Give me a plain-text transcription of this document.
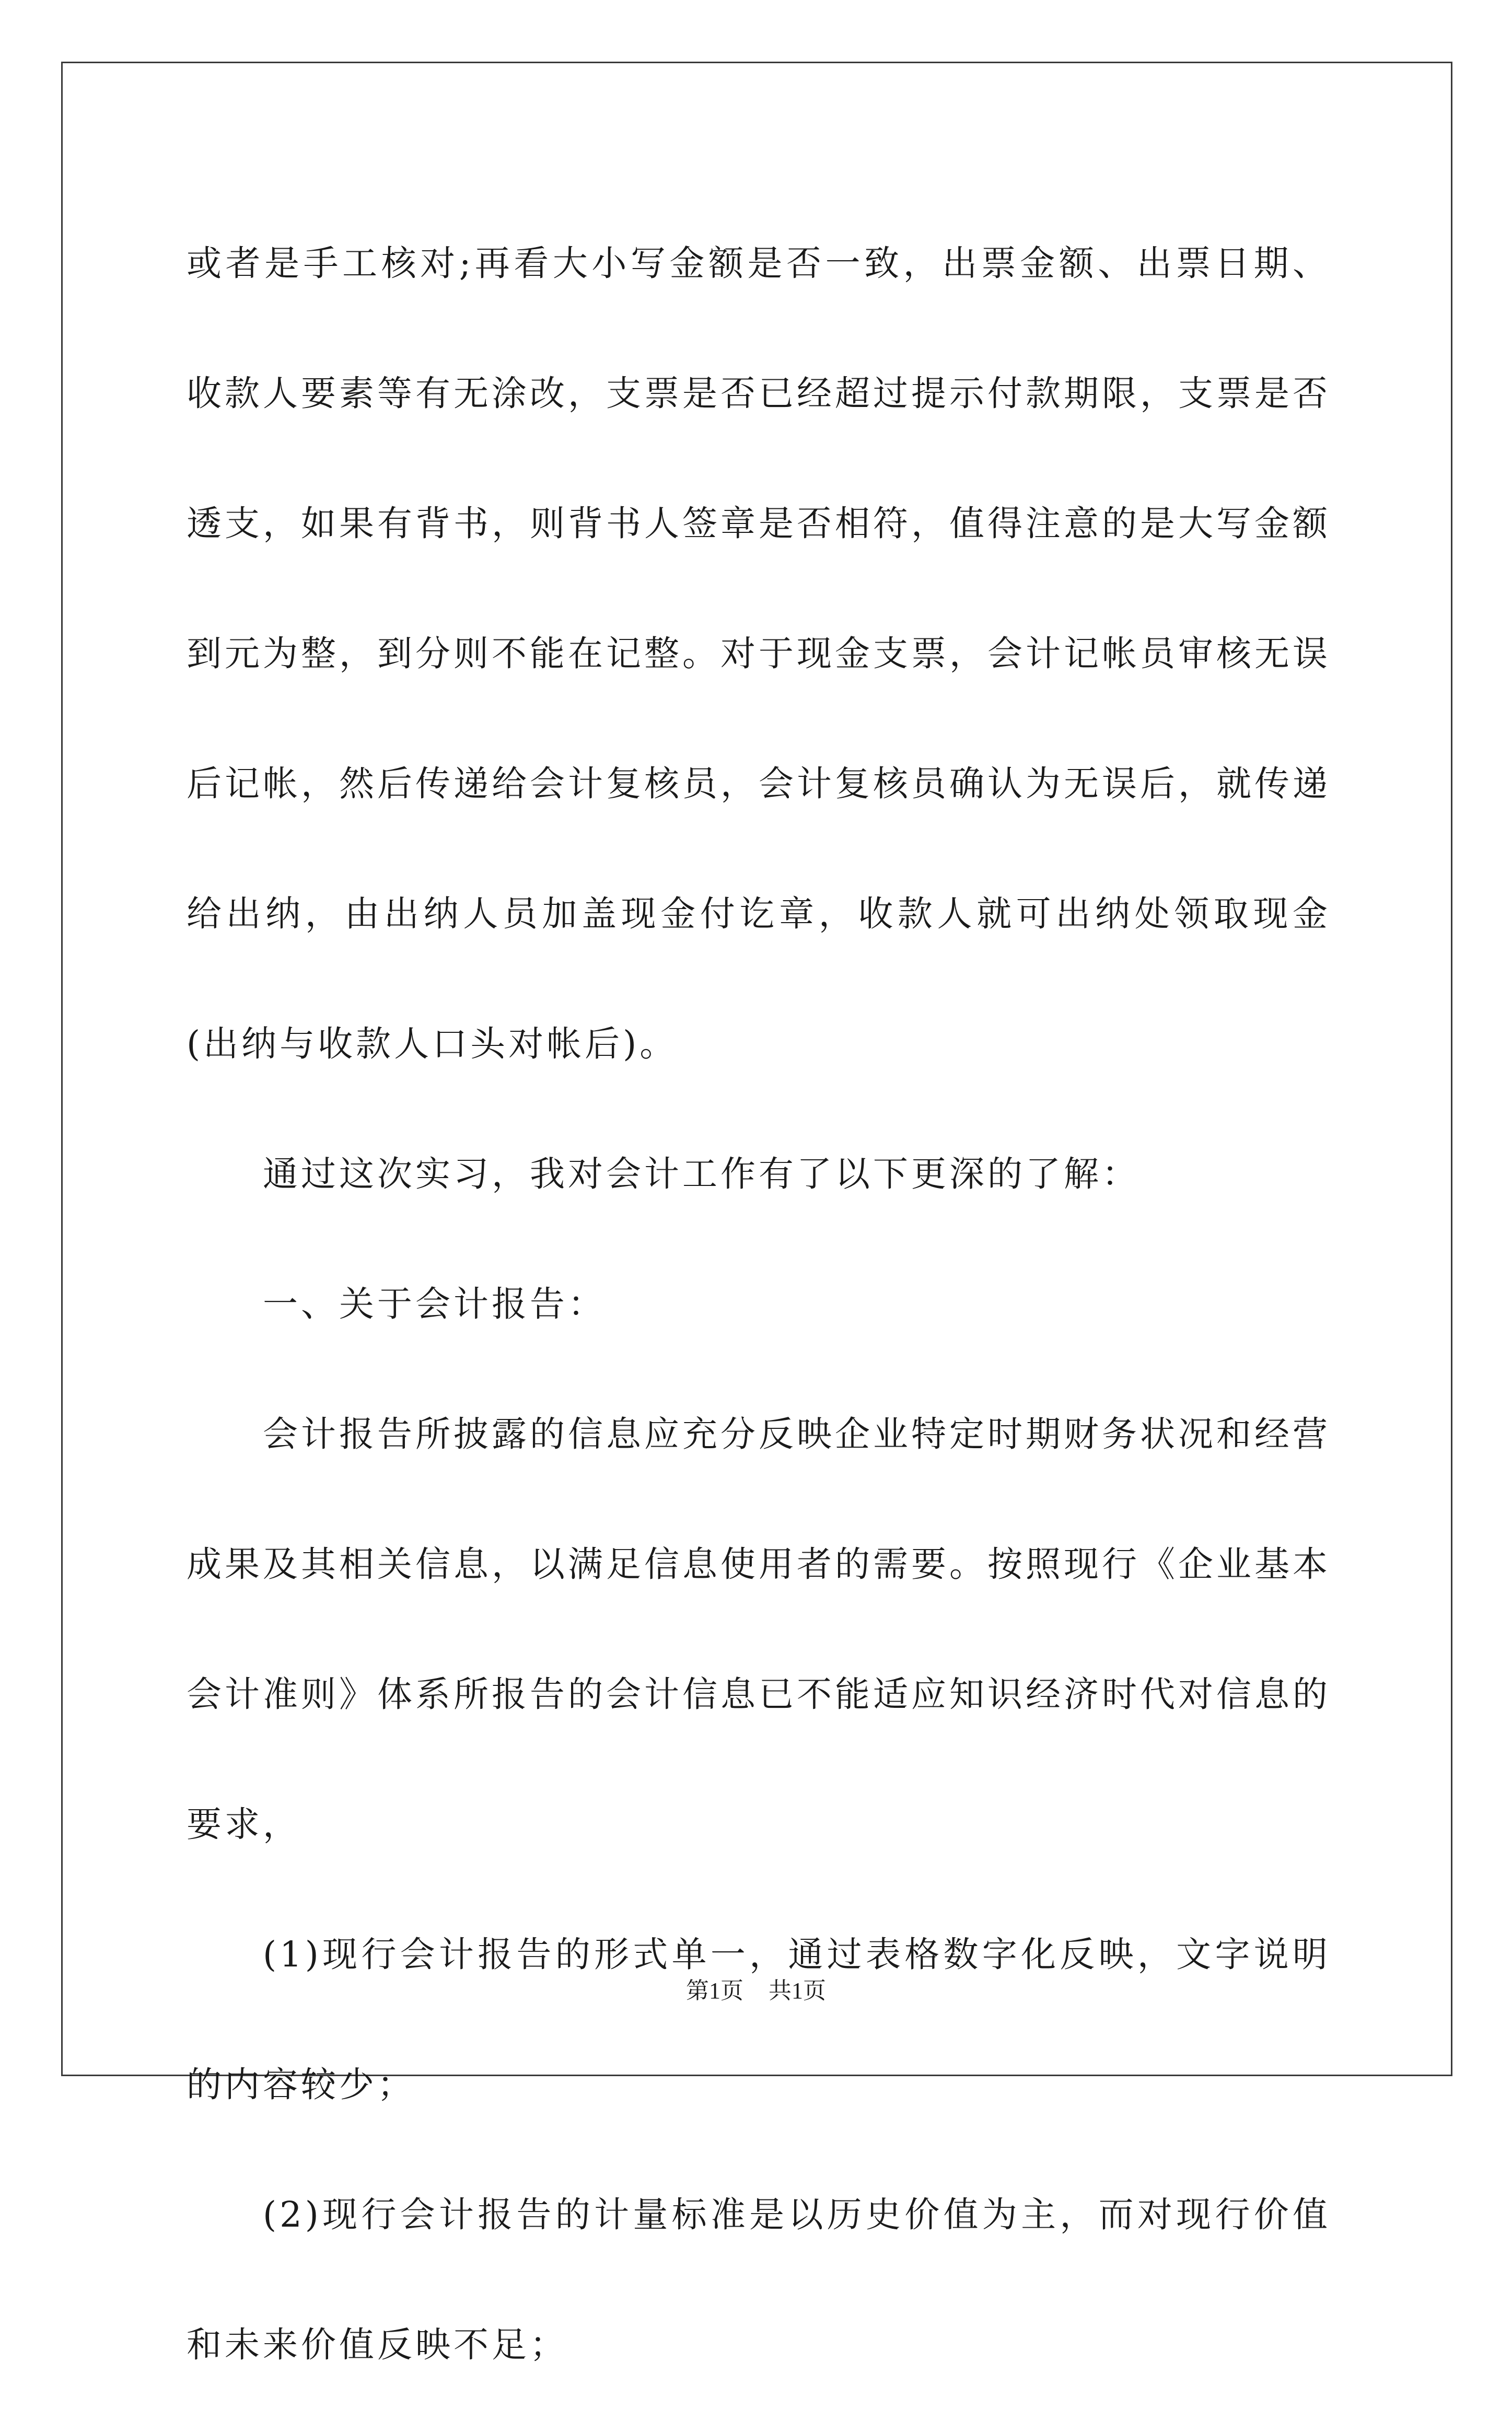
或者是手工核对;再看大小写金额是否一致，出票金额、出票日期、收款人要素等有无涂改，支票是否已经超过提示付款期限，支票是否透支，如果有背书，则背书人签章是否相符，值得注意的是大写金额到元为整，到分则不能在记整。对于现金支票，会计记帐员审核无误后记帐，然后传递给会计复核员，会计复核员确认为无误后，就传递给出纳，由出纳人员加盖现金付讫章，收款人就可出纳处领取现金(出纳与收款人口头对帐后)。

通过这次实习，我对会计工作有了以下更深的了解：

一、关于会计报告：

会计报告所披露的信息应充分反映企业特定时期财务状况和经营成果及其相关信息，以满足信息使用者的需要。按照现行《企业基本会计准则》体系所报告的会计信息已不能适应知识经济时代对信息的要求，

(1)现行会计报告的形式单一，通过表格数字化反映，文字说明的内容较少；

(2)现行会计报告的计量标准是以历史价值为主，而对现行价值和未来价值反映不足；

第1页 共1页
